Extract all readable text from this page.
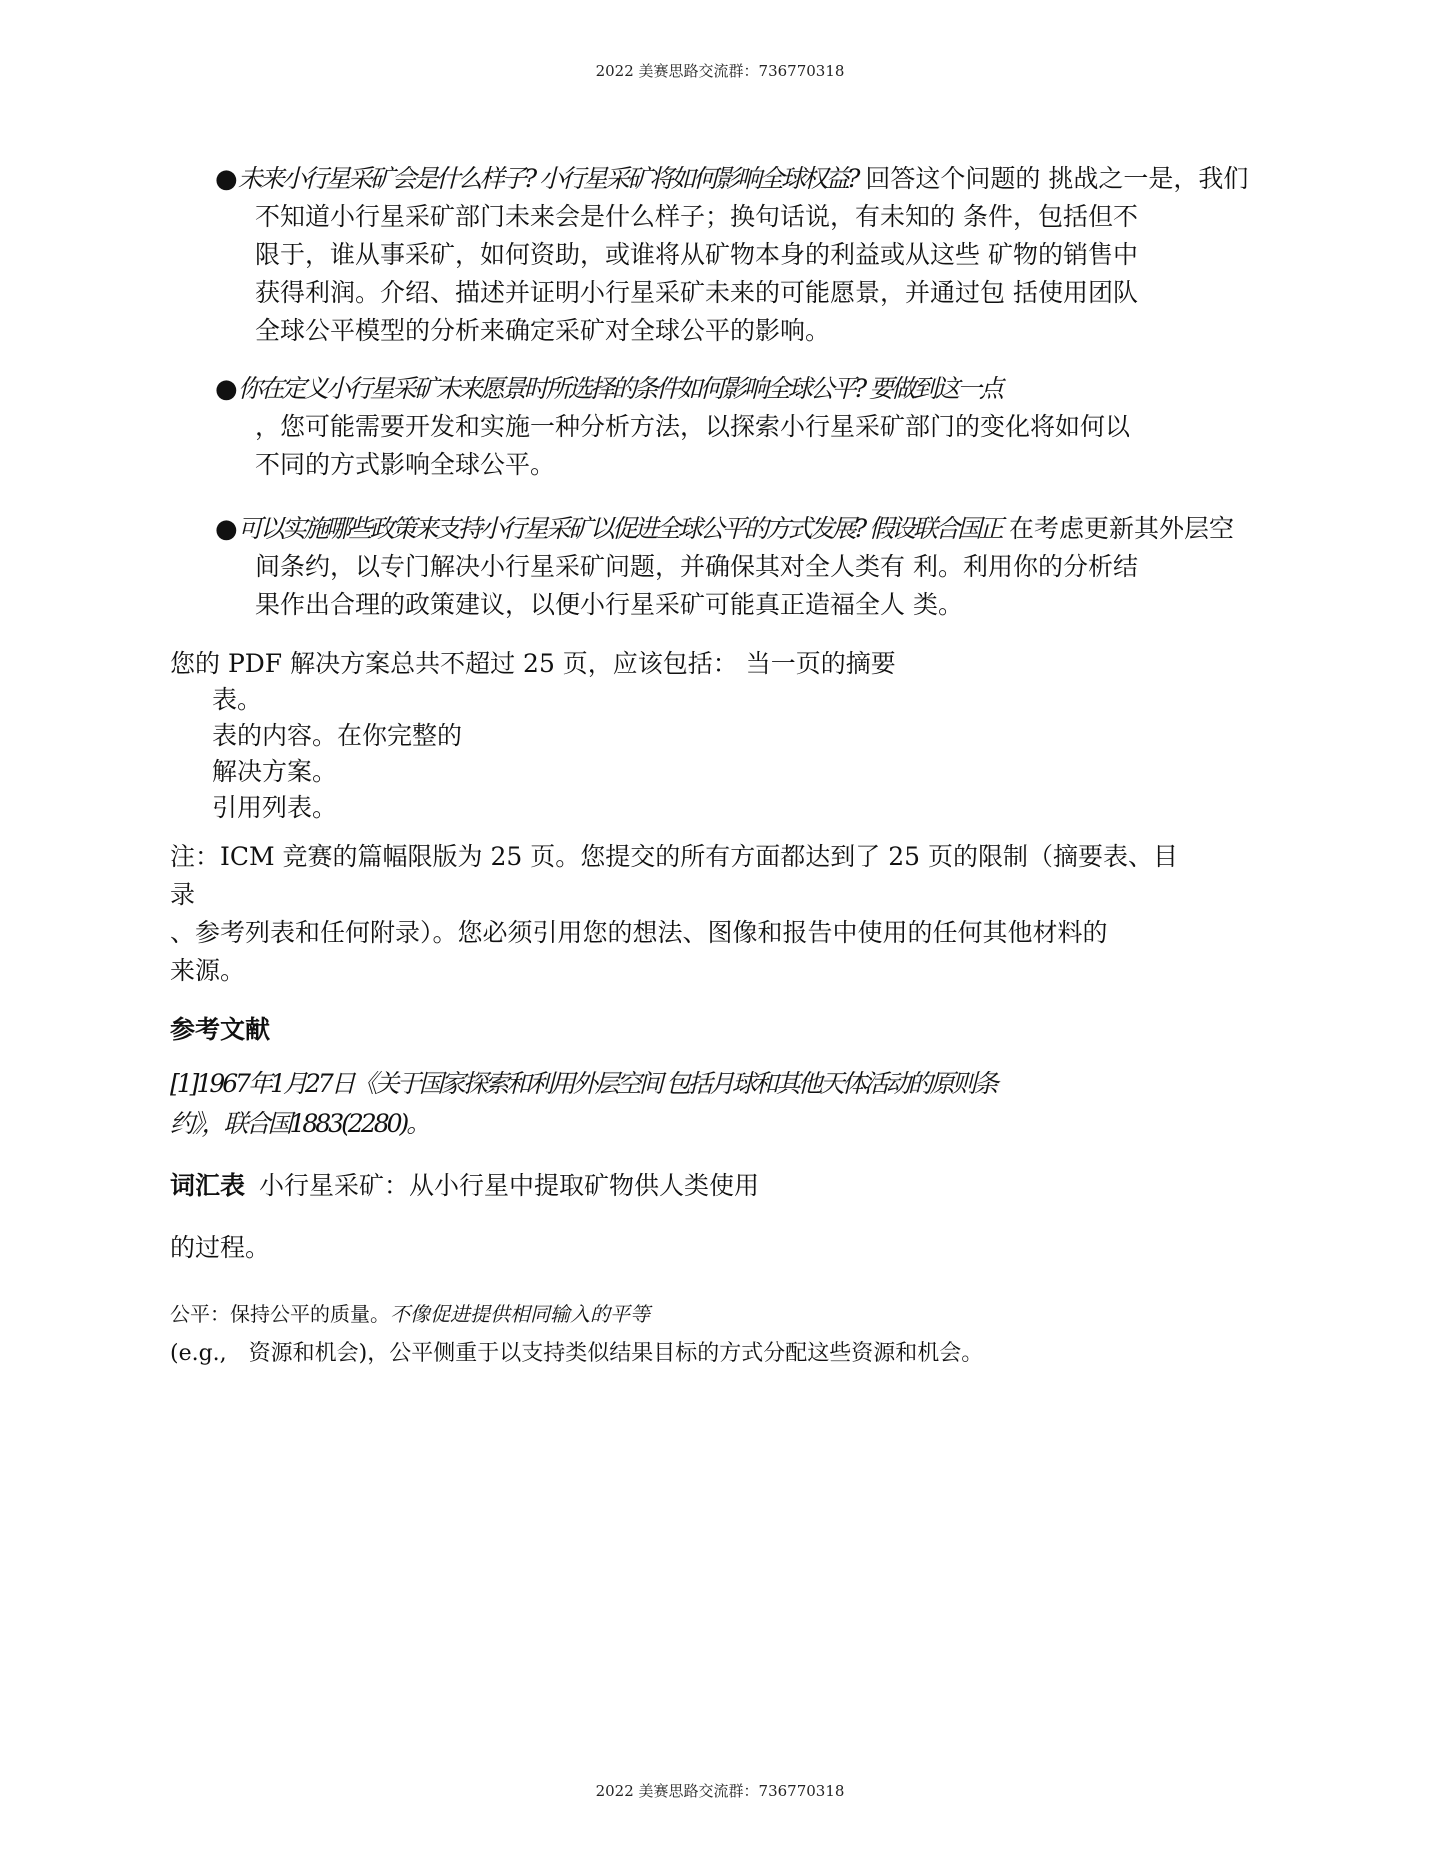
2022 美赛思路交流群：736770318
●未来小行星采矿会是什么样子? 小行星采矿将如何影响全球权益? 回答这个问题的 挑战之一是，我们
不知道小行星采矿部门未来会是什么样子；换句话说，有未知的 条件，包括但不
限于，谁从事采矿，如何资助，或谁将从矿物本身的利益或从这些 矿物的销售中
获得利润。介绍、描述并证明小行星采矿未来的可能愿景，并通过包 括使用团队
全球公平模型的分析来确定采矿对全球公平的影响。
●你在定义小行星采矿未来愿景时所选择的条件如何影响全球公平? 要做到这一点
，您可能需要开发和实施一种分析方法，以探索小行星采矿部门的变化将如何以
不同的方式影响全球公平。
●可以实施哪些政策来支持小行星采矿以促进全球公平的方式发展? 假设联合国正 在考虑更新其外层空
间条约，以专门解决小行星采矿问题，并确保其对全人类有 利。利用你的分析结
果作出合理的政策建议，以便小行星采矿可能真正造福全人 类。
您的 PDF 解决方案总共不超过 25 页，应该包括： 当一页的摘要
表。
表的内容。在你完整的
解决方案。
引用列表。
注：ICM 竞赛的篇幅限版为 25 页。您提交的所有方面都达到了 25 页的限制（摘要表、目
录
、参考列表和任何附录）。您必须引用您的想法、图像和报告中使用的任何其他材料的
来源。
参考文献
[1]1967年1月27日《关于国家探索和利用外层空间 包括月球和其他天体活动的原则条
约》，联合国1883(2280)。
词汇表 小行星采矿：从小行星中提取矿物供人类使用
的过程。
公平：保持公平的质量。不像促进提供相同输入的平等
(e.g.,　资源和机会)，公平侧重于以支持类似结果目标的方式分配这些资源和机会。
2022 美赛思路交流群：736770318
